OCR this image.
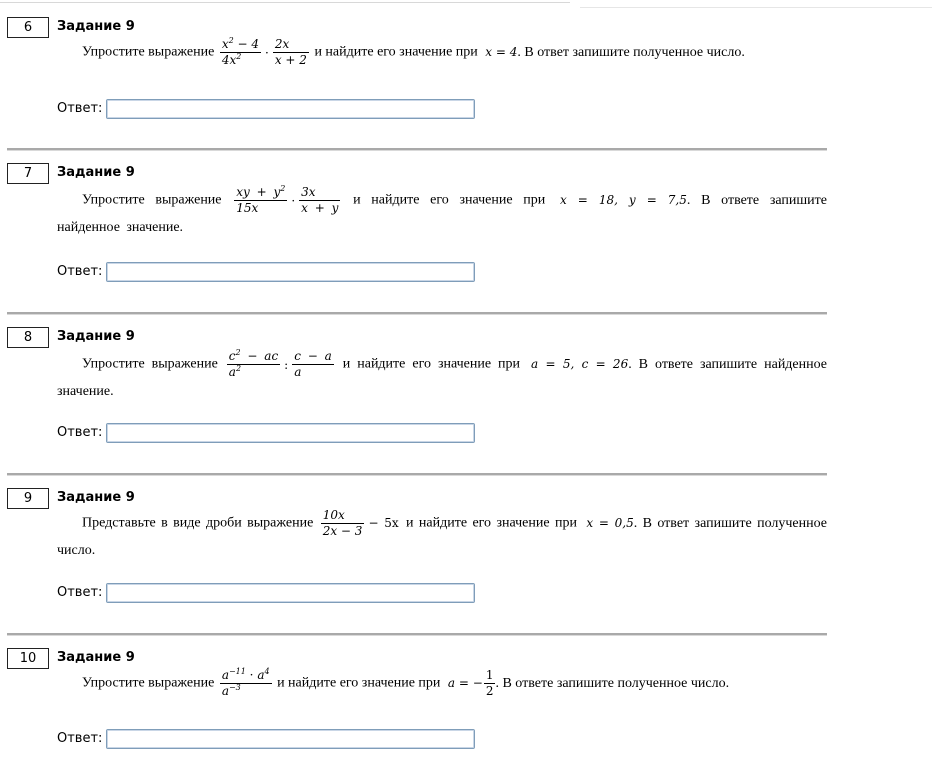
6	Задание 9
Упростите выражение $\frac{x^2 - 4}{4x^2} \cdot \frac{2x}{x + 2}$ и найдите его значение при x = 4. В ответ запишите полученное число.
Ответ:
7	Задание 9
Упростите выражение $\frac{xy + y^2}{15x} \cdot \frac{3x}{x + y}$ и найдите его значение при x = 18, y = 7,5. В ответе запишите найденное значение.
Ответ:
8	Задание 9
Упростите выражение $\frac{c^2 - ac}{a^2}$ : $\frac{c - a}{a}$ и найдите его значение при a = 5, c = 26. В ответе запишите найденное значение.
Ответ:
9	Задание 9
Представьте в виде дроби выражение $\frac{10x}{2x - 3} - 5x$ и найдите его значение при x = 0,5. В ответ запишите полученное число.
Ответ:
10	Задание 9
Упростите выражение $\frac{a^{-11} \cdot a^4}{a^{-3}}$ и найдите его значение при a = − $\frac{1}{2}$ . В ответе запишите полученное число.
Ответ:
